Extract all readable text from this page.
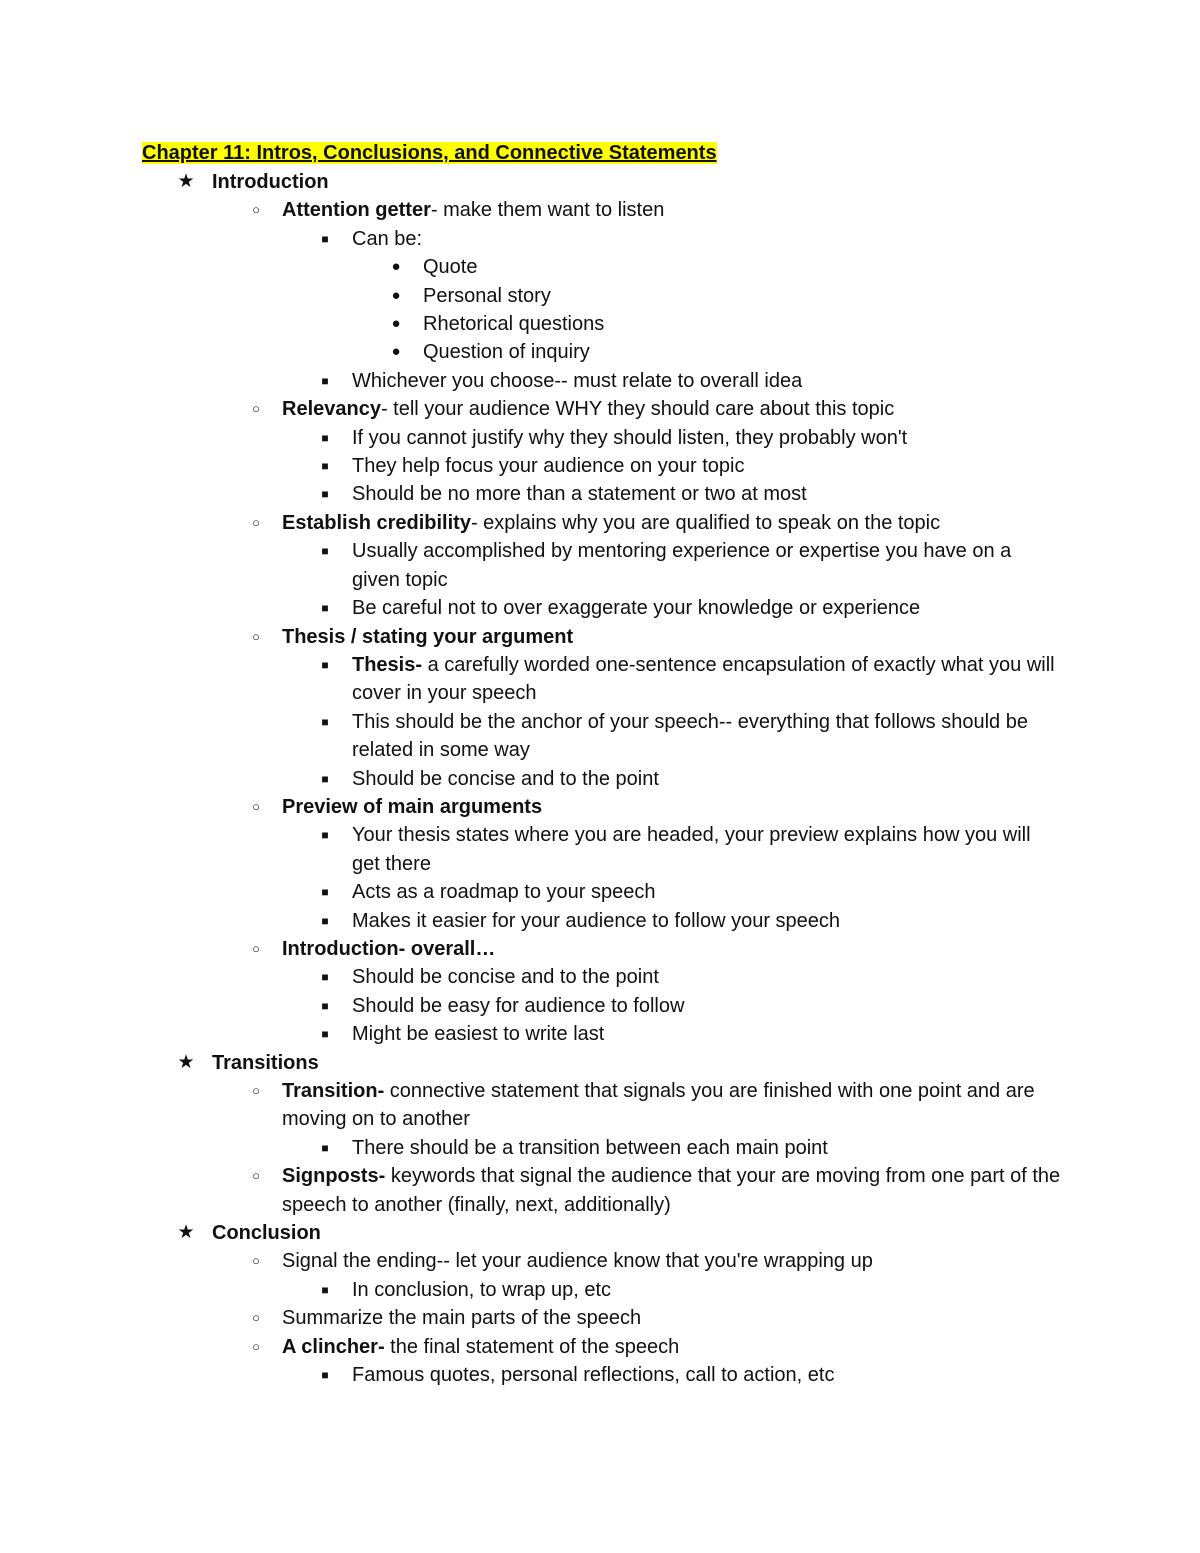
Chapter 11: Intros, Conclusions, and Connective Statements
★ Introduction
○	Attention getter- make them want to listen
■	Can be:
● Quote
● Personal story
● Rhetorical questions
● Question of inquiry
■	Whichever you choose-- must relate to overall idea
○	Relevancy- tell your audience WHY they should care about this topic
■	If you cannot justify why they should listen, they probably won't
■	They help focus your audience on your topic
■	Should be no more than a statement or two at most
○	Establish credibility- explains why you are qualified to speak on the topic
■	Usually accomplished by mentoring experience or expertise you have on a given topic
■	Be careful not to over exaggerate your knowledge or experience
○	Thesis / stating your argument
■	Thesis- a carefully worded one-sentence encapsulation of exactly what you will cover in your speech
■	This should be the anchor of your speech-- everything that follows should be related in some way
■	Should be concise and to the point
○	Preview of main arguments
■	Your thesis states where you are headed, your preview explains how you will get there
■	Acts as a roadmap to your speech
■	Makes it easier for your audience to follow your speech
○	Introduction- overall…
■	Should be concise and to the point
■	Should be easy for audience to follow
■	Might be easiest to write last
★ Transitions
○	Transition- connective statement that signals you are finished with one point and are moving on to another
■	There should be a transition between each main point
○	Signposts- keywords that signal the audience that your are moving from one part of the speech to another (finally, next, additionally)
★ Conclusion
○	Signal the ending-- let your audience know that you're wrapping up
■	In conclusion, to wrap up, etc
○	Summarize the main parts of the speech
○	A clincher- the final statement of the speech
■	Famous quotes, personal reflections, call to action, etc
